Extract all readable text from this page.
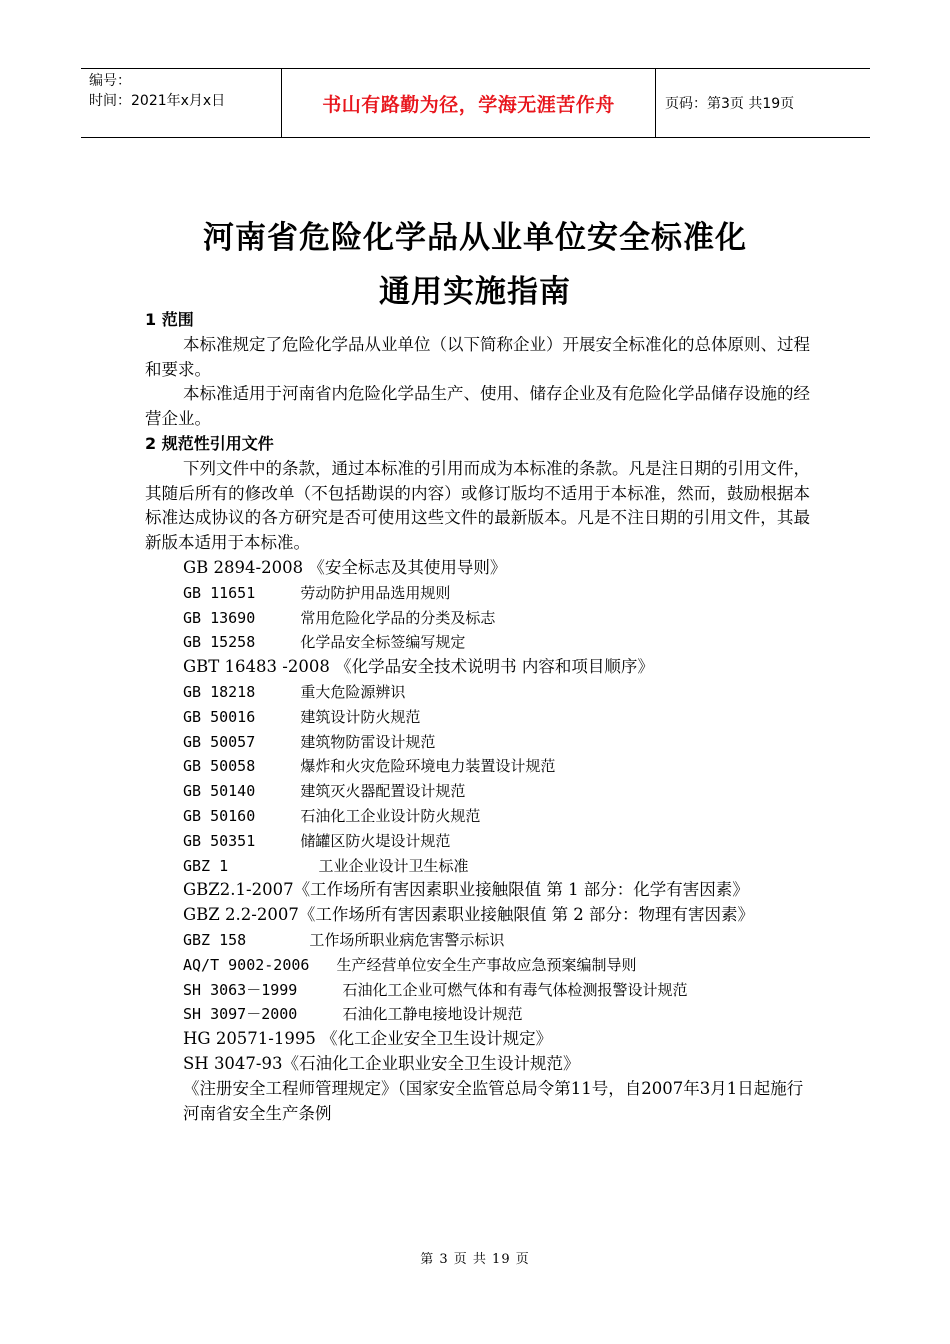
编号：
时间：2021年x月x日	书山有路勤为径，学海无涯苦作舟	页码：第3页 共19页
河南省危险化学品从业单位安全标准化
通用实施指南

1 范围

本标准规定了危险化学品从业单位（以下简称企业）开展安全标准化的总体原则、过程和要求。

本标准适用于河南省内危险化学品生产、使用、储存企业及有危险化学品储存设施的经营企业。

2 规范性引用文件

下列文件中的条款，通过本标准的引用而成为本标准的条款。凡是注日期的引用文件，其随后所有的修改单（不包括勘误的内容）或修订版均不适用于本标准，然而，鼓励根据本标准达成协议的各方研究是否可使用这些文件的最新版本。凡是不注日期的引用文件，其最新版本适用于本标准。

GB 2894-2008 《安全标志及其使用导则》

GB 11651     劳动防护用品选用规则

GB 13690     常用危险化学品的分类及标志

GB 15258     化学品安全标签编写规定

GBT 16483 -2008 《化学品安全技术说明书 内容和项目顺序》

GB 18218     重大危险源辨识

GB 50016     建筑设计防火规范

GB 50057     建筑物防雷设计规范

GB 50058     爆炸和火灾危险环境电力装置设计规范

GB 50140     建筑灭火器配置设计规范

GB 50160     石油化工企业设计防火规范

GB 50351     储罐区防火堤设计规范

GBZ 1          工业企业设计卫生标准

GBZ2.1-2007《工作场所有害因素职业接触限值 第 1 部分：化学有害因素》

GBZ 2.2-2007《工作场所有害因素职业接触限值 第 2 部分：物理有害因素》

GBZ 158       工作场所职业病危害警示标识

AQ/T 9002-2006   生产经营单位安全生产事故应急预案编制导则

SH 3063－1999     石油化工企业可燃气体和有毒气体检测报警设计规范

SH 3097－2000     石油化工静电接地设计规范

HG 20571-1995 《化工企业安全卫生设计规定》

SH 3047-93《石油化工企业职业安全卫生设计规范》

《注册安全工程师管理规定》（国家安全监管总局令第11号，自2007年3月1日起施行

河南省安全生产条例

第 3 页 共 19 页
